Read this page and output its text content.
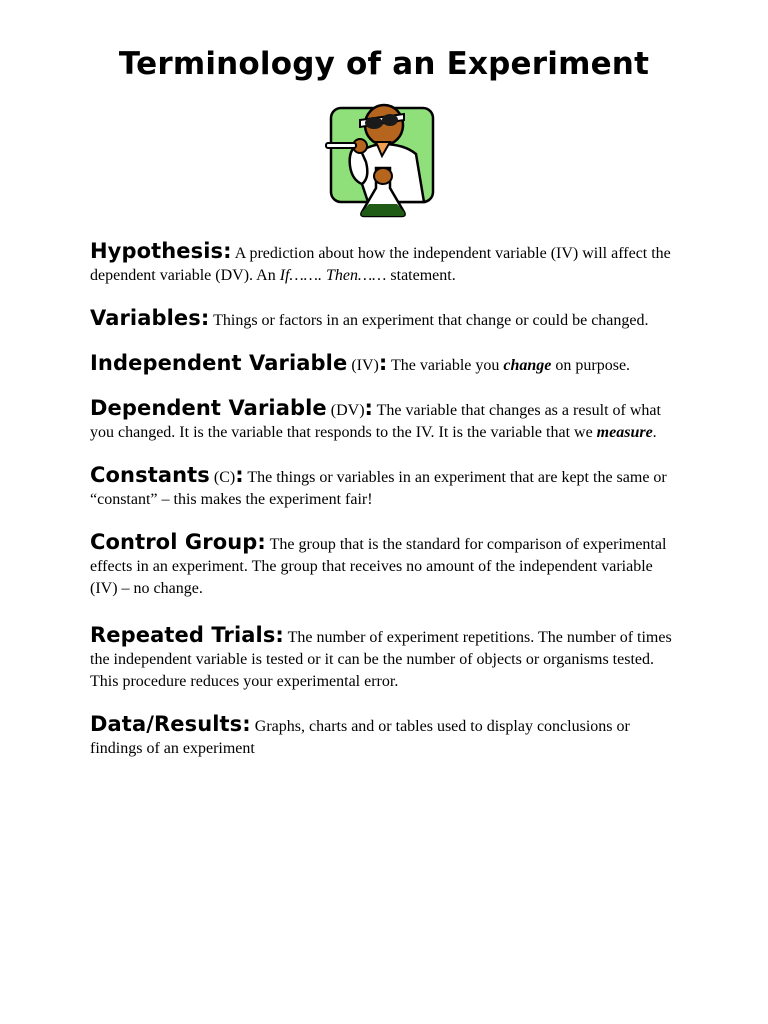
Terminology of an Experiment

Hypothesis: A prediction about how the independent variable (IV) will affect the dependent variable (DV). An If……. Then…… statement.

Variables: Things or factors in an experiment that change or could be changed.

Independent Variable (IV): The variable you change on purpose.

Dependent Variable (DV): The variable that changes as a result of what you changed. It is the variable that responds to the IV. It is the variable that we measure.

Constants (C): The things or variables in an experiment that are kept the same or “constant” – this makes the experiment fair!

Control Group: The group that is the standard for comparison of experimental effects in an experiment. The group that receives no amount of the independent variable (IV) – no change.

Repeated Trials: The number of experiment repetitions. The number of times the independent variable is tested or it can be the number of objects or organisms tested. This procedure reduces your experimental error.

Data/Results: Graphs, charts and or tables used to display conclusions or findings of an experiment
